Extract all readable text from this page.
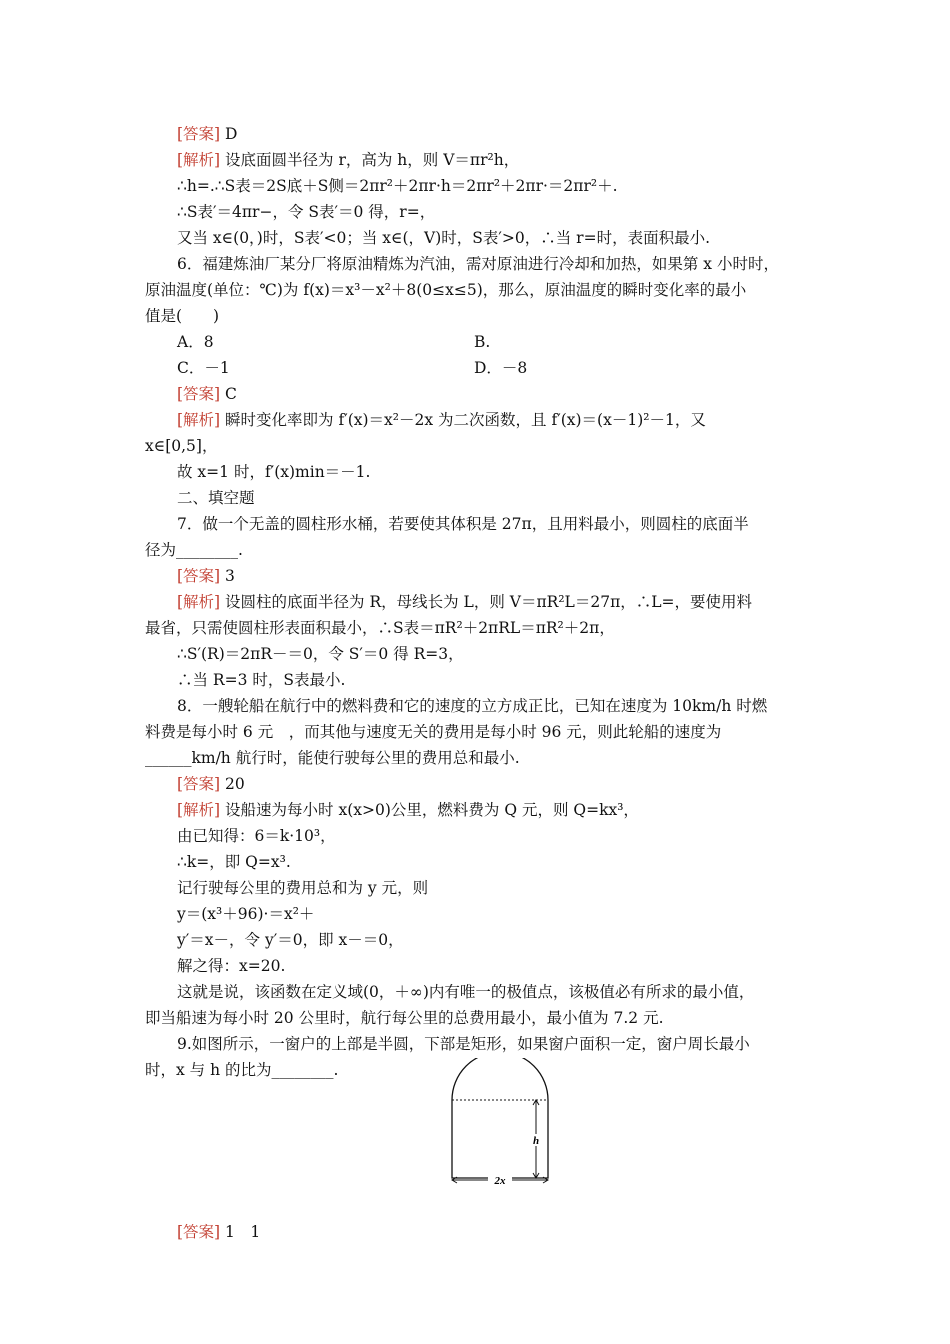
[答案] D
[解析] 设底面圆半径为 r，高为 h，则 V＝πr²h，
∴h=.∴S表＝2S底＋S侧＝2πr²＋2πr·h＝2πr²＋2πr·＝2πr²＋.
∴S表′＝4πr−，令 S表′＝0 得，r=，
又当 x∈(0，)时，S表′<0；当 x∈(，V)时，S表′>0，∴当 r=时，表面积最小.
6．福建炼油厂某分厂将原油精炼为汽油，需对原油进行冷却和加热，如果第 x 小时时，
原油温度(单位：℃)为 f(x)＝x³－x²＋8(0≤x≤5)，那么，原油温度的瞬时变化率的最小
值是(　　)
A．8	B.
C．－1	D．－8
[答案] C
[解析] 瞬时变化率即为 f′(x)＝x²－2x 为二次函数，且 f′(x)＝(x－1)²－1，又
x∈[0,5]，
故 x=1 时，f′(x)min＝－1.
二、填空题
7．做一个无盖的圆柱形水桶，若要使其体积是 27π，且用料最小，则圆柱的底面半
径为________.
[答案] 3
[解析] 设圆柱的底面半径为 R，母线长为 L，则 V＝πR²L＝27π，∴L=，要使用料
最省，只需使圆柱形表面积最小，∴S表＝πR²＋2πRL＝πR²＋2π，
∴S′(R)＝2πR－＝0，令 S′＝0 得 R=3，
∴当 R=3 时，S表最小.
8．一艘轮船在航行中的燃料费和它的速度的立方成正比，已知在速度为 10km/h 时燃
料费是每小时 6 元　，而其他与速度无关的费用是每小时 96 元，则此轮船的速度为
______km/h 航行时，能使行驶每公里的费用总和最小.
[答案] 20
[解析] 设船速为每小时 x(x>0)公里，燃料费为 Q 元，则 Q=kx³，
由已知得：6＝k·10³，
∴k=，即 Q=x³.
记行驶每公里的费用总和为 y 元，则
y＝(x³＋96)·＝x²＋
y′＝x－，令 y′＝0，即 x－＝0，
解之得：x=20.
这就是说，该函数在定义域(0，＋∞)内有唯一的极值点，该极值必有所求的最小值，
即当船速为每小时 20 公里时，航行每公里的总费用最小，最小值为 7.2 元.
9.如图所示，一窗户的上部是半圆，下部是矩形，如果窗户面积一定，窗户周长最小
时，x 与 h 的比为________.
[答案] 1　1
h
2x
